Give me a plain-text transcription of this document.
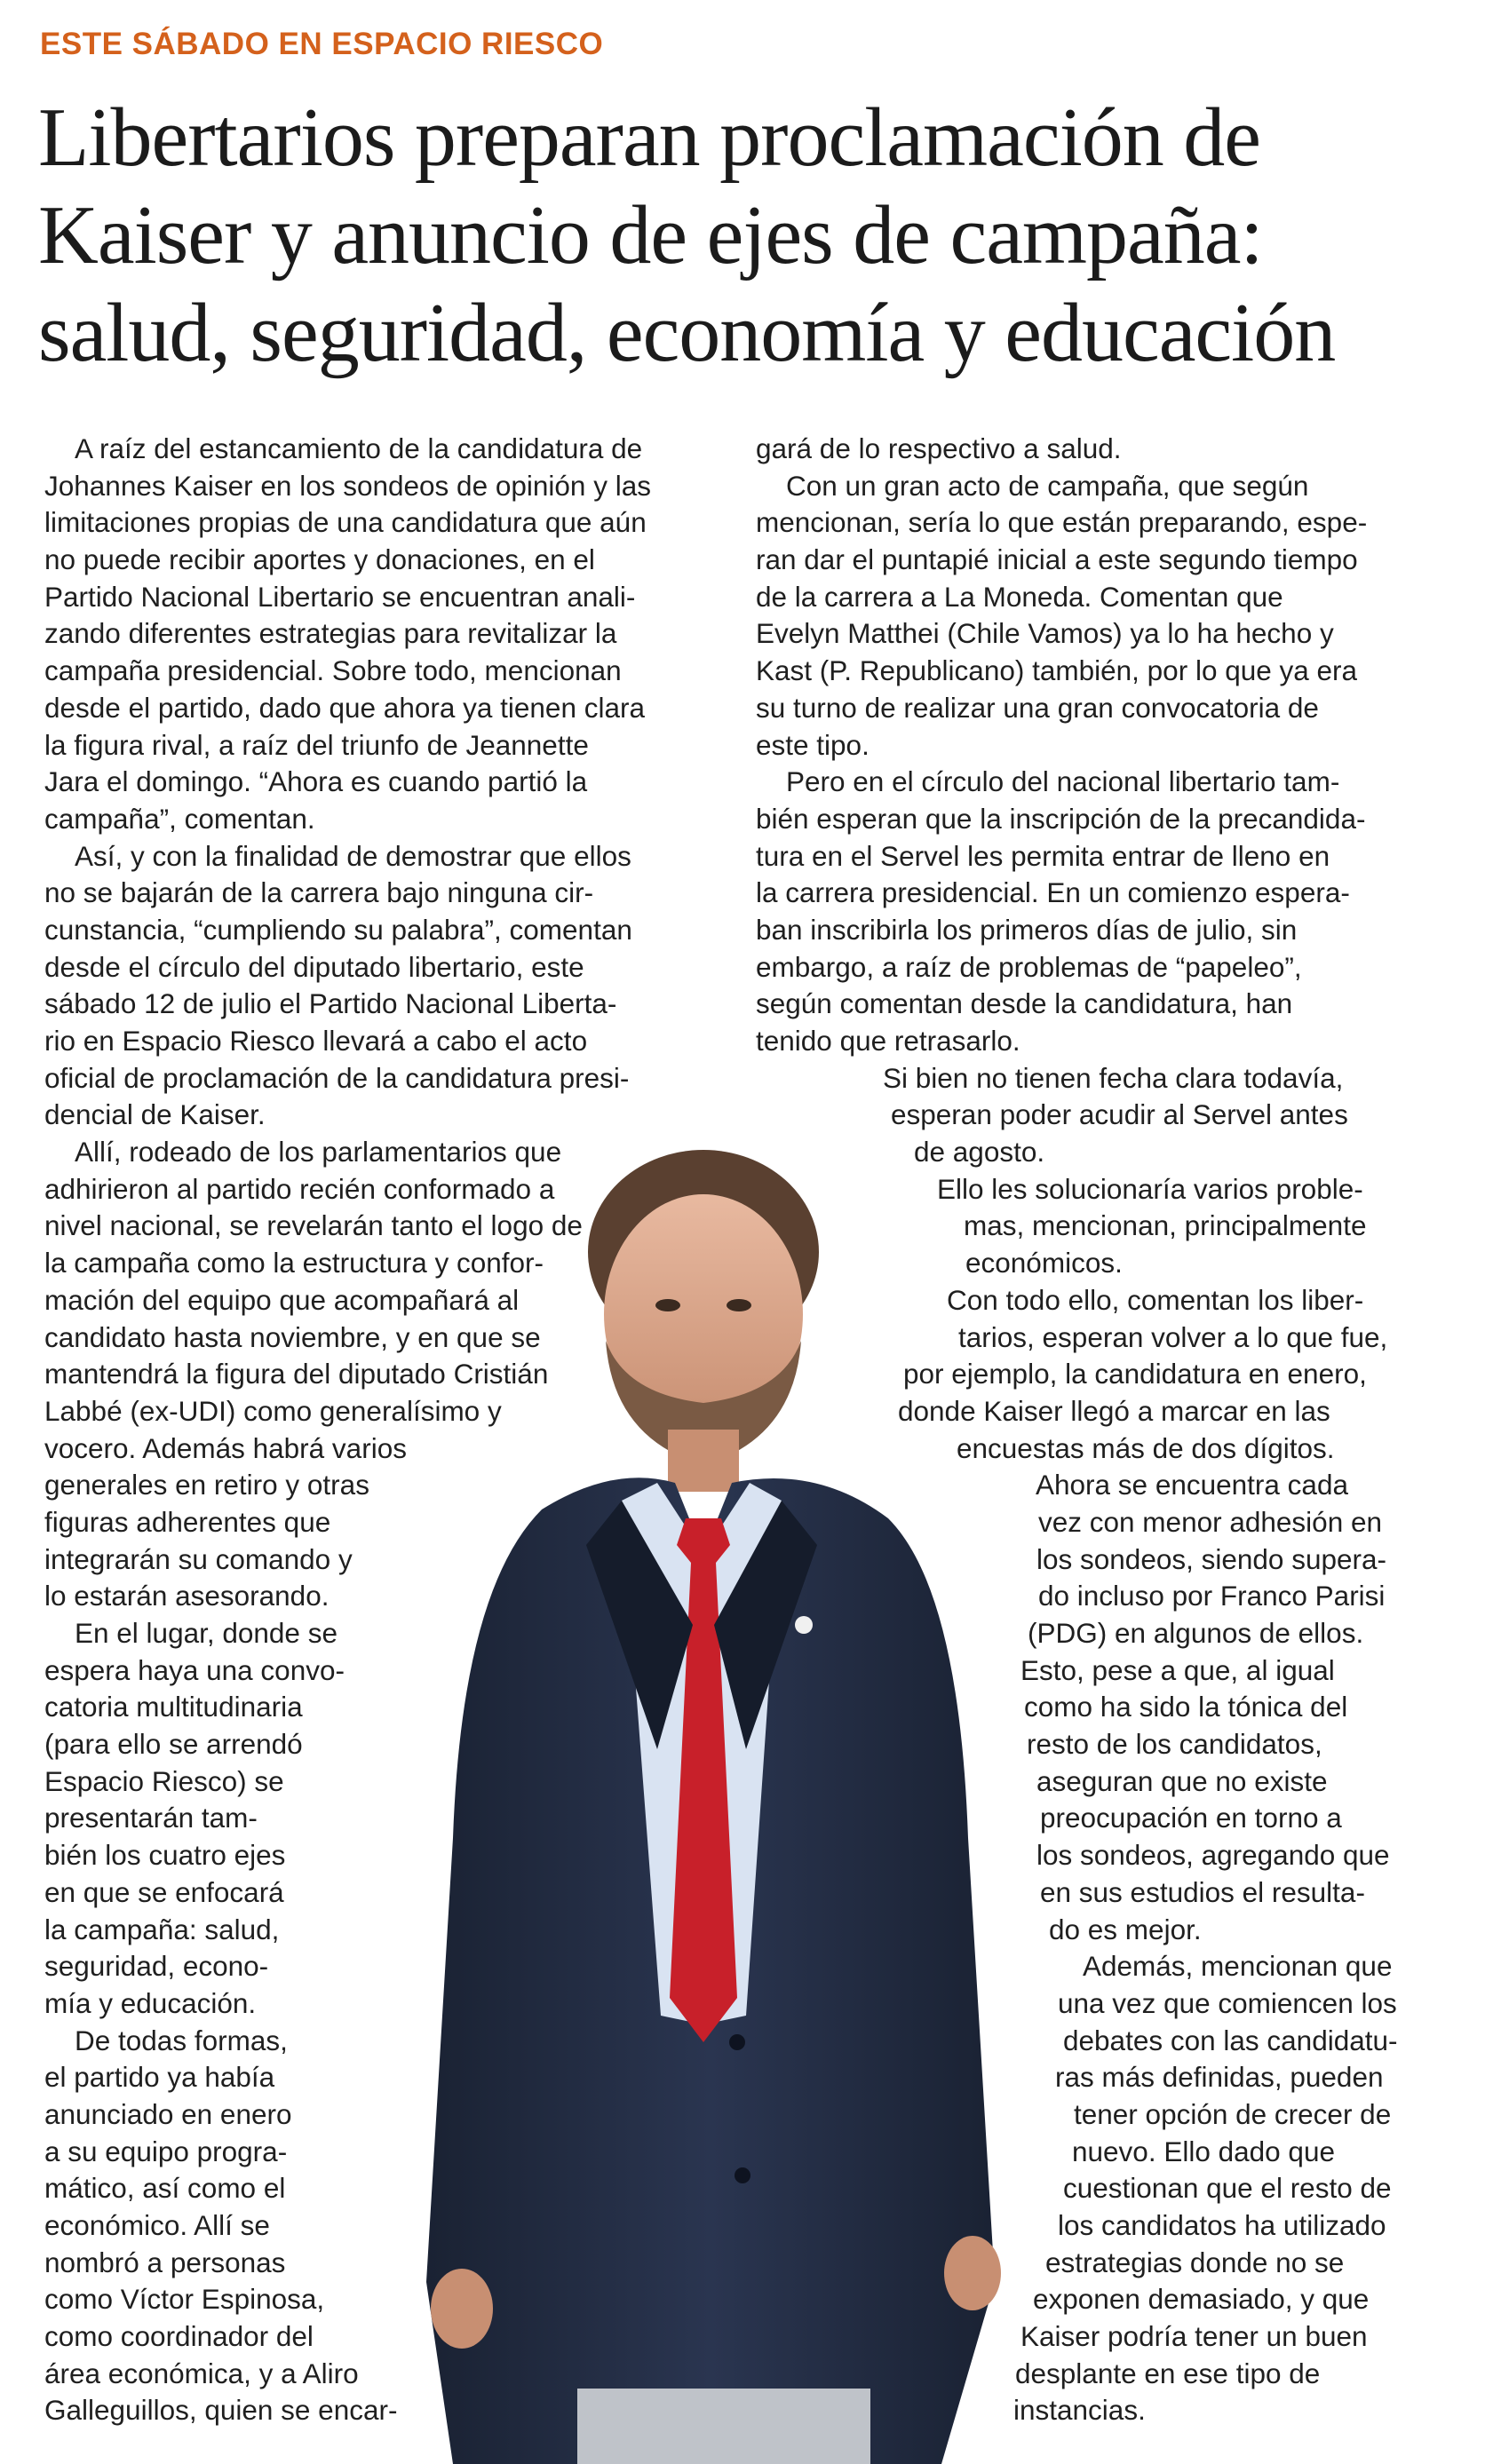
ESTE SÁBADO EN ESPACIO RIESCO
Libertarios preparan proclamación de
Kaiser y anuncio de ejes de campaña:
salud, seguridad, economía y educación
A raíz del estancamiento de la candidatura de
Johannes Kaiser en los sondeos de opinión y las
limitaciones propias de una candidatura que aún
no puede recibir aportes y donaciones, en el
Partido Nacional Libertario se encuentran anali-
zando diferentes estrategias para revitalizar la
campaña presidencial. Sobre todo, mencionan
desde el partido, dado que ahora ya tienen clara
la figura rival, a raíz del triunfo de Jeannette
Jara el domingo. “Ahora es cuando partió la
campaña”, comentan.
Así, y con la finalidad de demostrar que ellos
no se bajarán de la carrera bajo ninguna cir-
cunstancia, “cumpliendo su palabra”, comentan
desde el círculo del diputado libertario, este
sábado 12 de julio el Partido Nacional Liberta-
rio en Espacio Riesco llevará a cabo el acto
oficial de proclamación de la candidatura presi-
dencial de Kaiser.
Allí, rodeado de los parlamentarios que
adhirieron al partido recién conformado a
nivel nacional, se revelarán tanto el logo de
la campaña como la estructura y confor-
mación del equipo que acompañará al
candidato hasta noviembre, y en que se
mantendrá la figura del diputado Cristián
Labbé (ex-UDI) como generalísimo y
vocero. Además habrá varios
generales en retiro y otras
figuras adherentes que
integrarán su comando y
lo estarán asesorando.
En el lugar, donde se
espera haya una convo-
catoria multitudinaria
(para ello se arrendó
Espacio Riesco) se
presentarán tam-
bién los cuatro ejes
en que se enfocará
la campaña: salud,
seguridad, econo-
mía y educación.
De todas formas,
el partido ya había
anunciado en enero
a su equipo progra-
mático, así como el
económico. Allí se
nombró a personas
como Víctor Espinosa,
como coordinador del
área económica, y a Aliro
Galleguillos, quien se encar-
gará de lo respectivo a salud.
Con un gran acto de campaña, que según
mencionan, sería lo que están preparando, espe-
ran dar el puntapié inicial a este segundo tiempo
de la carrera a La Moneda. Comentan que
Evelyn Matthei (Chile Vamos) ya lo ha hecho y
Kast (P. Republicano) también, por lo que ya era
su turno de realizar una gran convocatoria de
este tipo.
Pero en el círculo del nacional libertario tam-
bién esperan que la inscripción de la precandida-
tura en el Servel les permita entrar de lleno en
la carrera presidencial. En un comienzo espera-
ban inscribirla los primeros días de julio, sin
embargo, a raíz de problemas de “papeleo”,
según comentan desde la candidatura, han
tenido que retrasarlo.
Si bien no tienen fecha clara todavía,
esperan poder acudir al Servel antes
de agosto.
Ello les solucionaría varios proble-
mas, mencionan, principalmente
económicos.
Con todo ello, comentan los liber-
tarios, esperan volver a lo que fue,
por ejemplo, la candidatura en enero,
donde Kaiser llegó a marcar en las
encuestas más de dos dígitos.
Ahora se encuentra cada
vez con menor adhesión en
los sondeos, siendo supera-
do incluso por Franco Parisi
(PDG) en algunos de ellos.
Esto, pese a que, al igual
como ha sido la tónica del
resto de los candidatos,
aseguran que no existe
preocupación en torno a
los sondeos, agregando que
en sus estudios el resulta-
do es mejor.
Además, mencionan que
una vez que comiencen los
debates con las candidatu-
ras más definidas, pueden
tener opción de crecer de
nuevo. Ello dado que
cuestionan que el resto de
los candidatos ha utilizado
estrategias donde no se
exponen demasiado, y que
Kaiser podría tener un buen
desplante en ese tipo de
instancias.
